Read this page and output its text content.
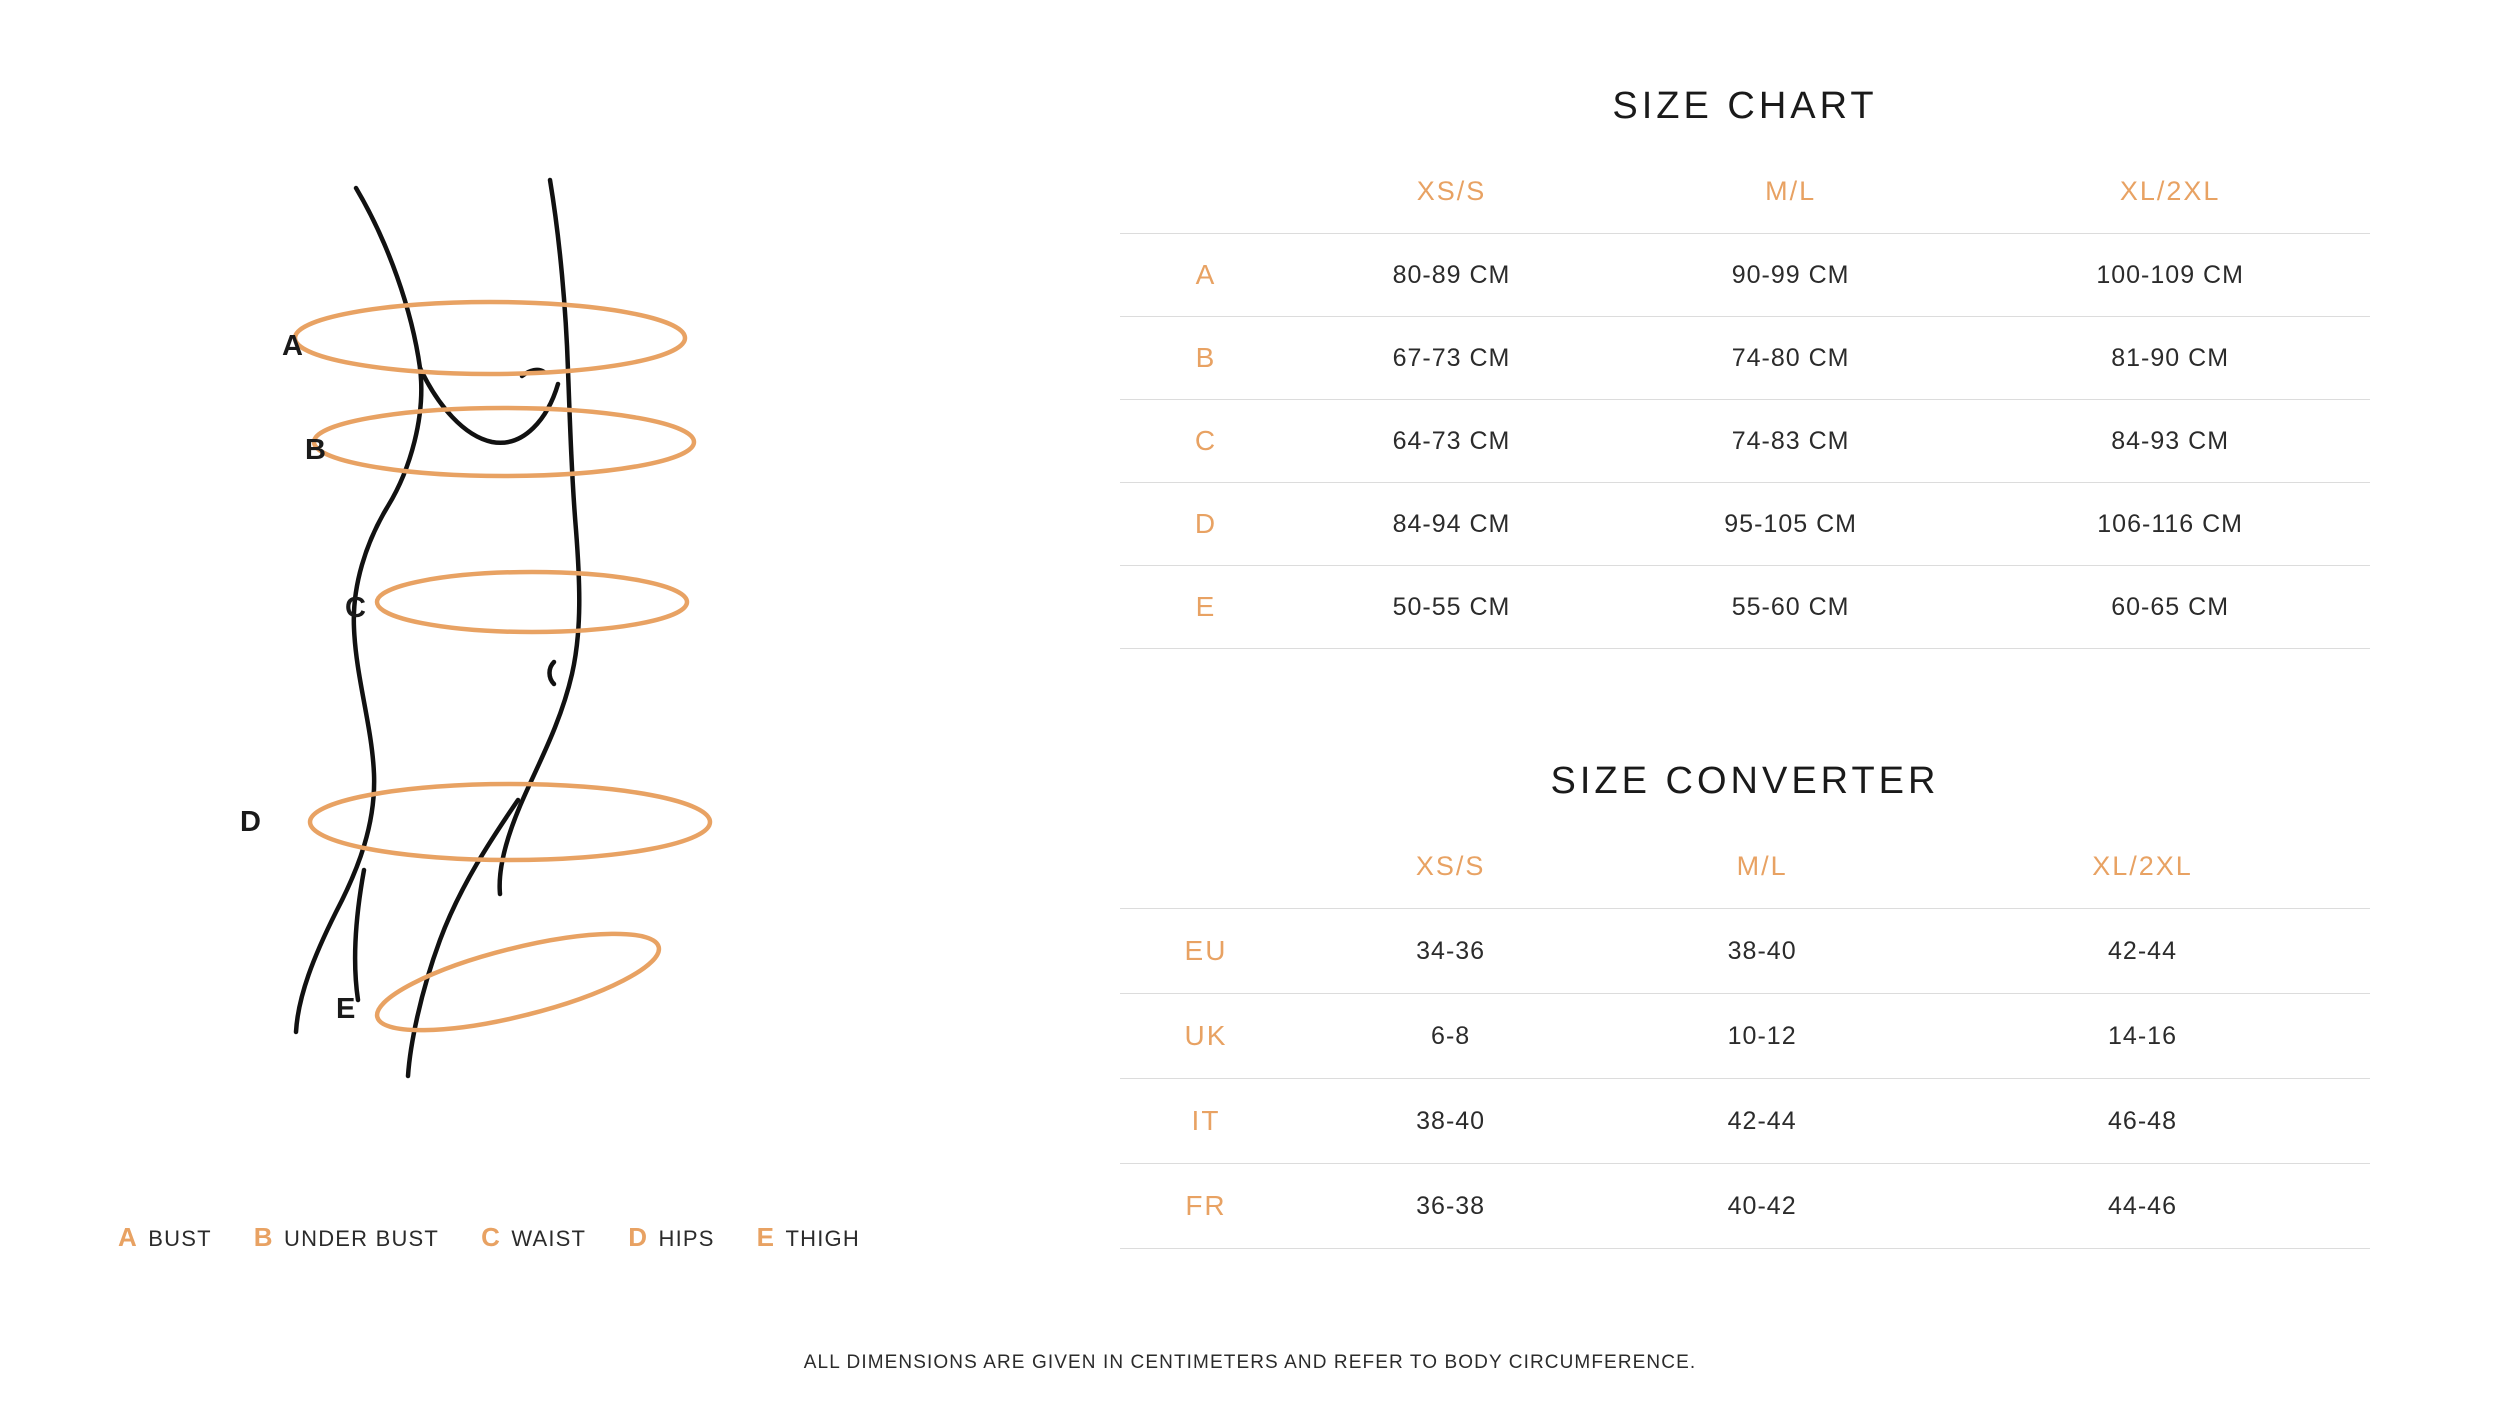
A
B
C
D
E
A BUST B UNDER BUST C WAIST D HIPS E THIGH
SIZE CHART
	XS/S	M/L	XL/2XL
A	80-89 CM	90-99 CM	100-109 CM
B	67-73 CM	74-80 CM	81-90 CM
C	64-73 CM	74-83 CM	84-93 CM
D	84-94 CM	95-105 CM	106-116 CM
E	50-55 CM	55-60 CM	60-65 CM
SIZE CONVERTER
	XS/S	M/L	XL/2XL
EU	34-36	38-40	42-44
UK	6-8	10-12	14-16
IT	38-40	42-44	46-48
FR	36-38	40-42	44-46
ALL DIMENSIONS ARE GIVEN IN CENTIMETERS AND REFER TO BODY CIRCUMFERENCE.
